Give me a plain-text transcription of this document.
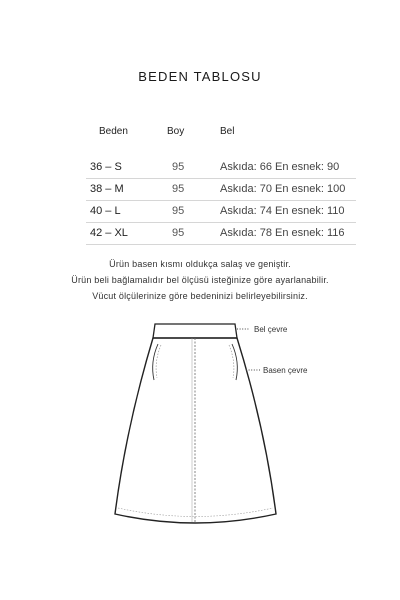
BEDEN TABLOSU
Beden	Boy	Bel
36 – S	95	Askıda: 66 En esnek: 90
38 – M	95	Askıda: 70 En esnek: 100
40 – L	95	Askıda: 74 En esnek: 110
42 – XL	95	Askıda: 78 En esnek: 116
Ürün basen kısmı oldukça salaş ve geniştir.
Ürün beli bağlamalıdır bel ölçüsü isteğinize göre ayarlanabilir.
Vücut ölçülerinize göre bedeninizi belirleyebilirsiniz.
Bel çevre
Basen çevre
